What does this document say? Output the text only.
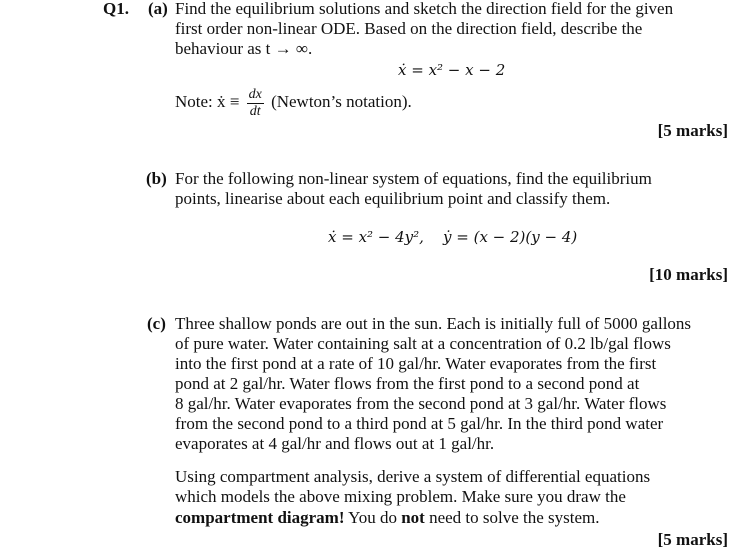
Q1. (a) Find the equilibrium solutions and sketch the direction field for the given
first order non-linear ODE. Based on the direction field, describe the
behaviour as t → ∞.
ẋ = x² − x − 2
Note: ẋ ≡ $\frac{dx}{dt}$ (Newton’s notation).
[5 marks]
(b) For the following non-linear system of equations, find the equilibrium
points, linearise about each equilibrium point and classify them.
ẋ = x² − 4y²,    ẏ = (x − 2)(y − 4)
[10 marks]
(c) Three shallow ponds are out in the sun. Each is initially full of 5000 gallons
of pure water. Water containing salt at a concentration of 0.2 lb/gal flows
into the first pond at a rate of 10 gal/hr. Water evaporates from the first
pond at 2 gal/hr. Water flows from the first pond to a second pond at
8 gal/hr. Water evaporates from the second pond at 3 gal/hr. Water flows
from the second pond to a third pond at 5 gal/hr. In the third pond water
evaporates at 4 gal/hr and flows out at 1 gal/hr.
Using compartment analysis, derive a system of differential equations
which models the above mixing problem. Make sure you draw the
compartment diagram! You do not need to solve the system.
[5 marks]
